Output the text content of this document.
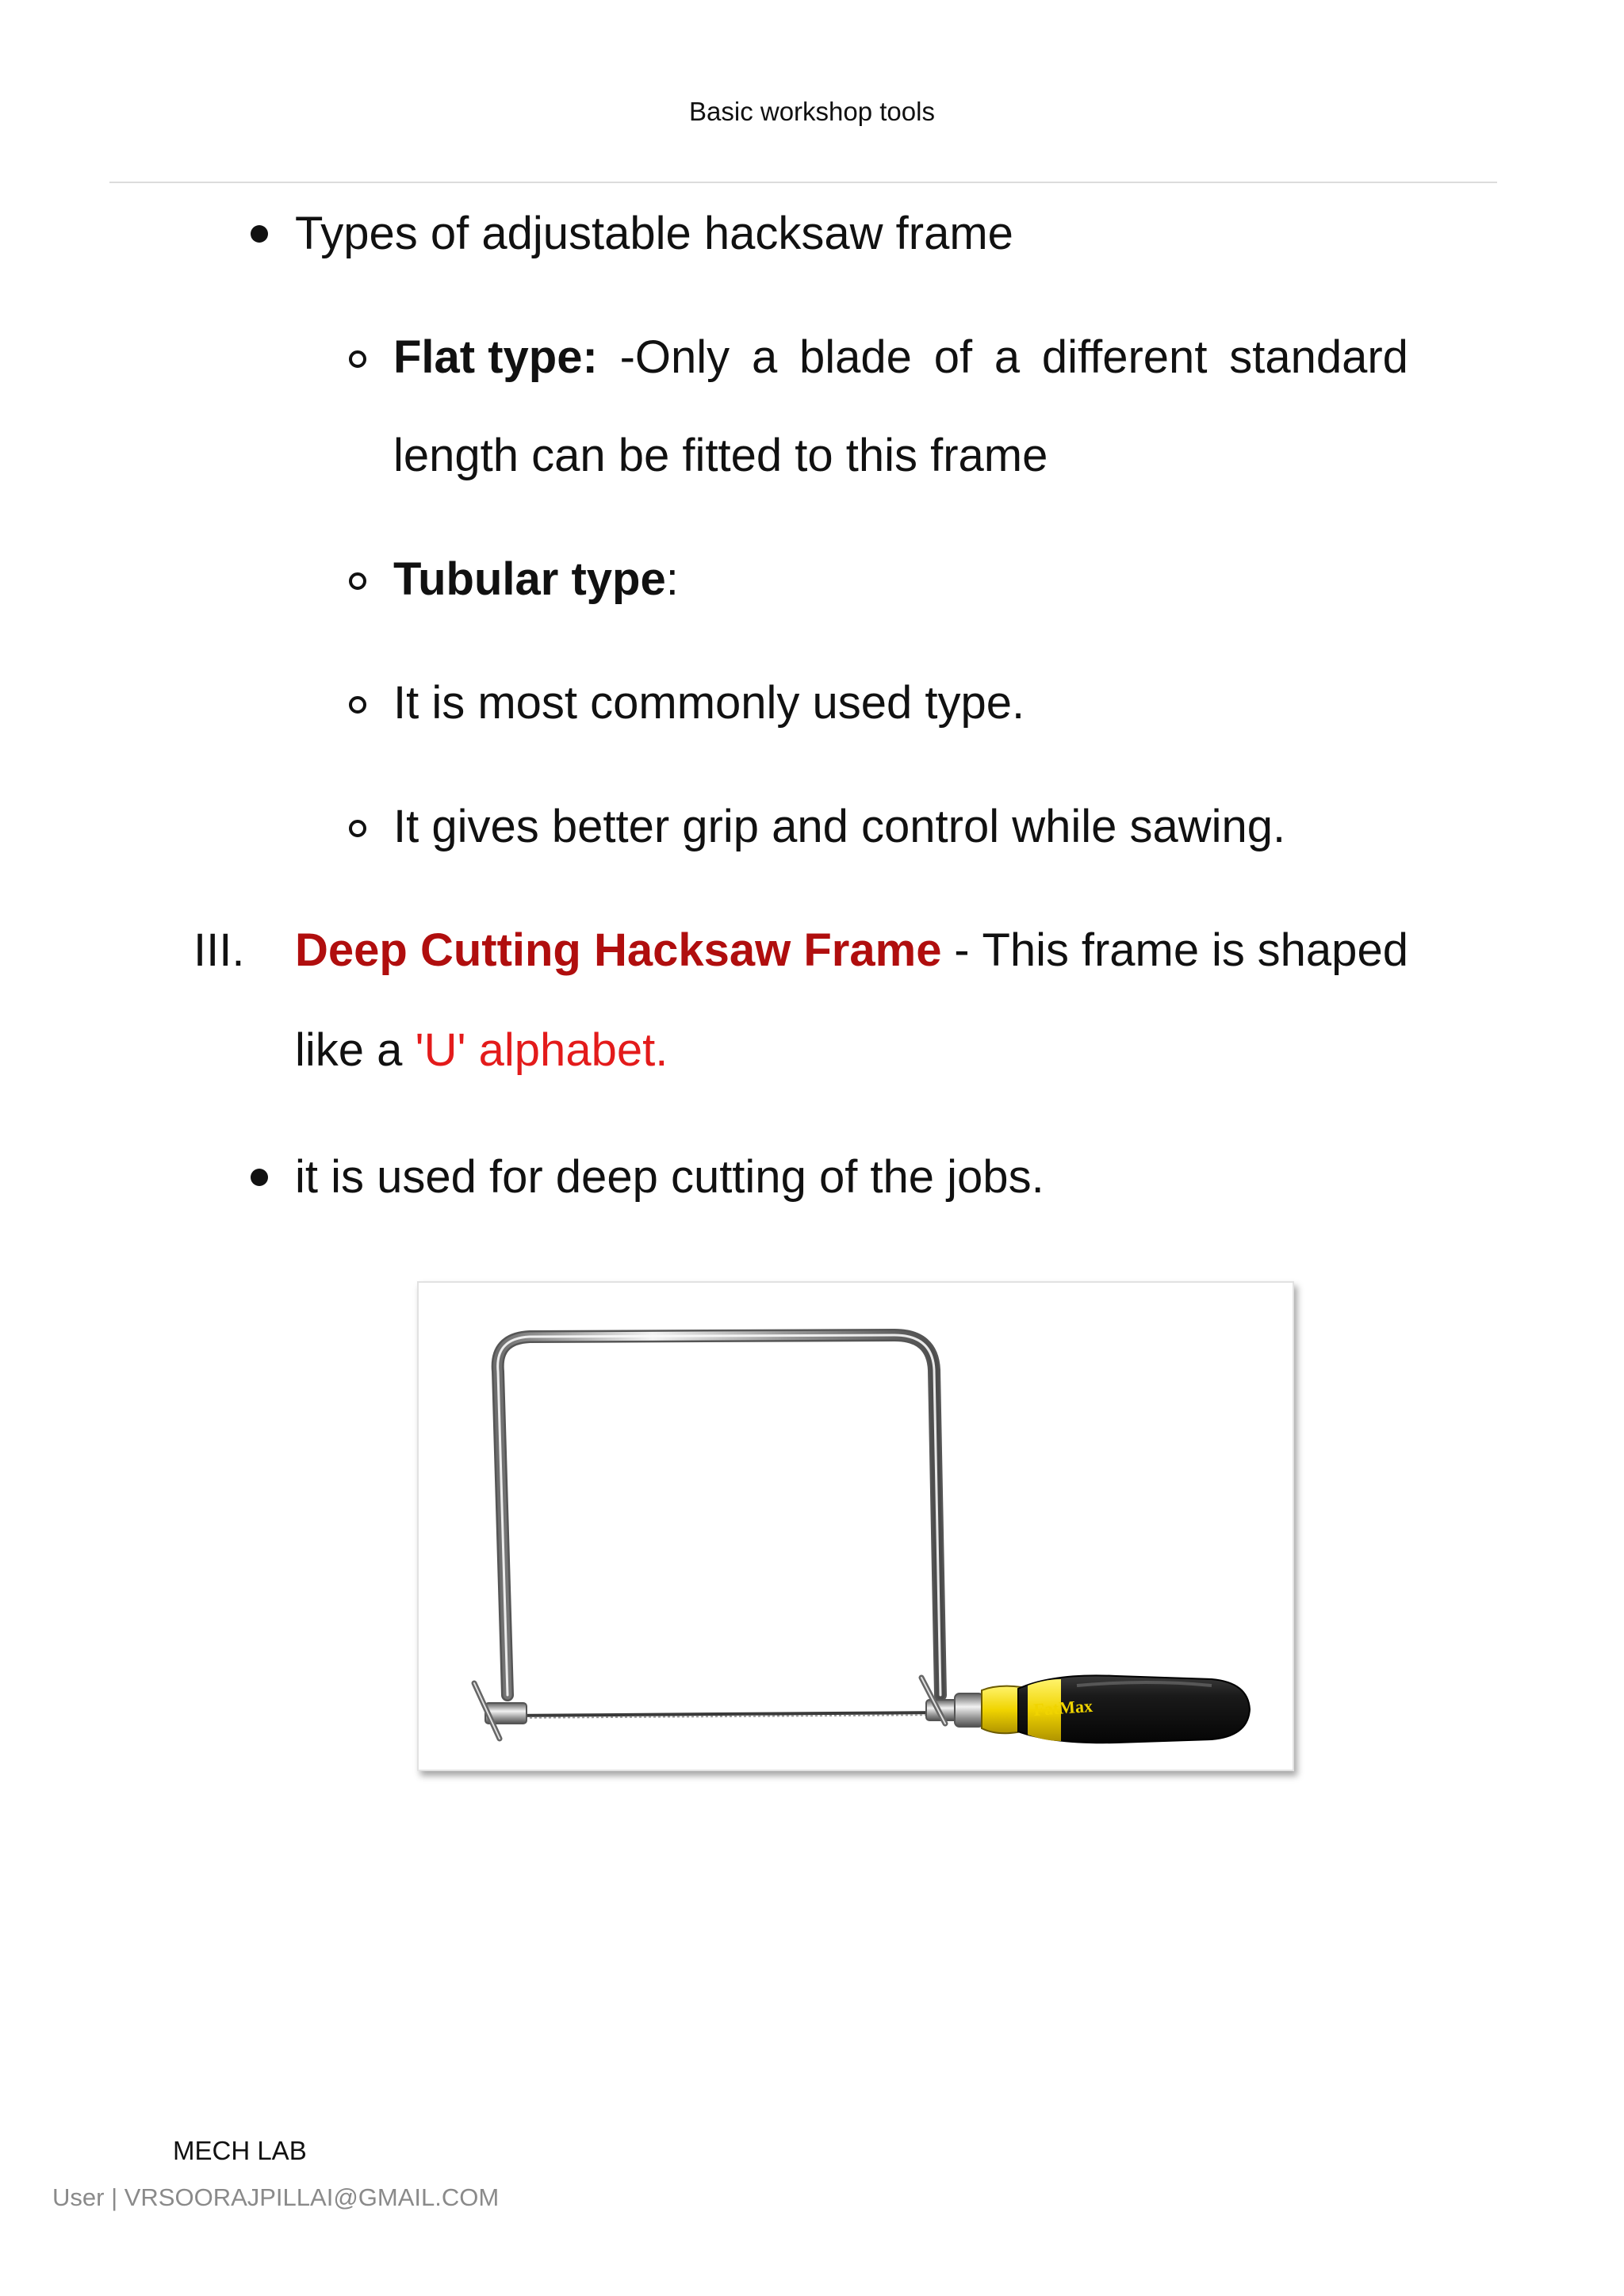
Basic workshop tools
Types of adjustable hacksaw frame
Flat type: -Only a blade of a different standard
length can be fitted to this frame
Tubular type:
It is most commonly used type.
It gives better grip and control while sawing.
III. Deep Cutting Hacksaw Frame - This frame is shaped
like a 'U' alphabet.
it is used for deep cutting of the jobs.
FatMax
MECH LAB
User | VRSOORAJPILLAI@GMAIL.COM
